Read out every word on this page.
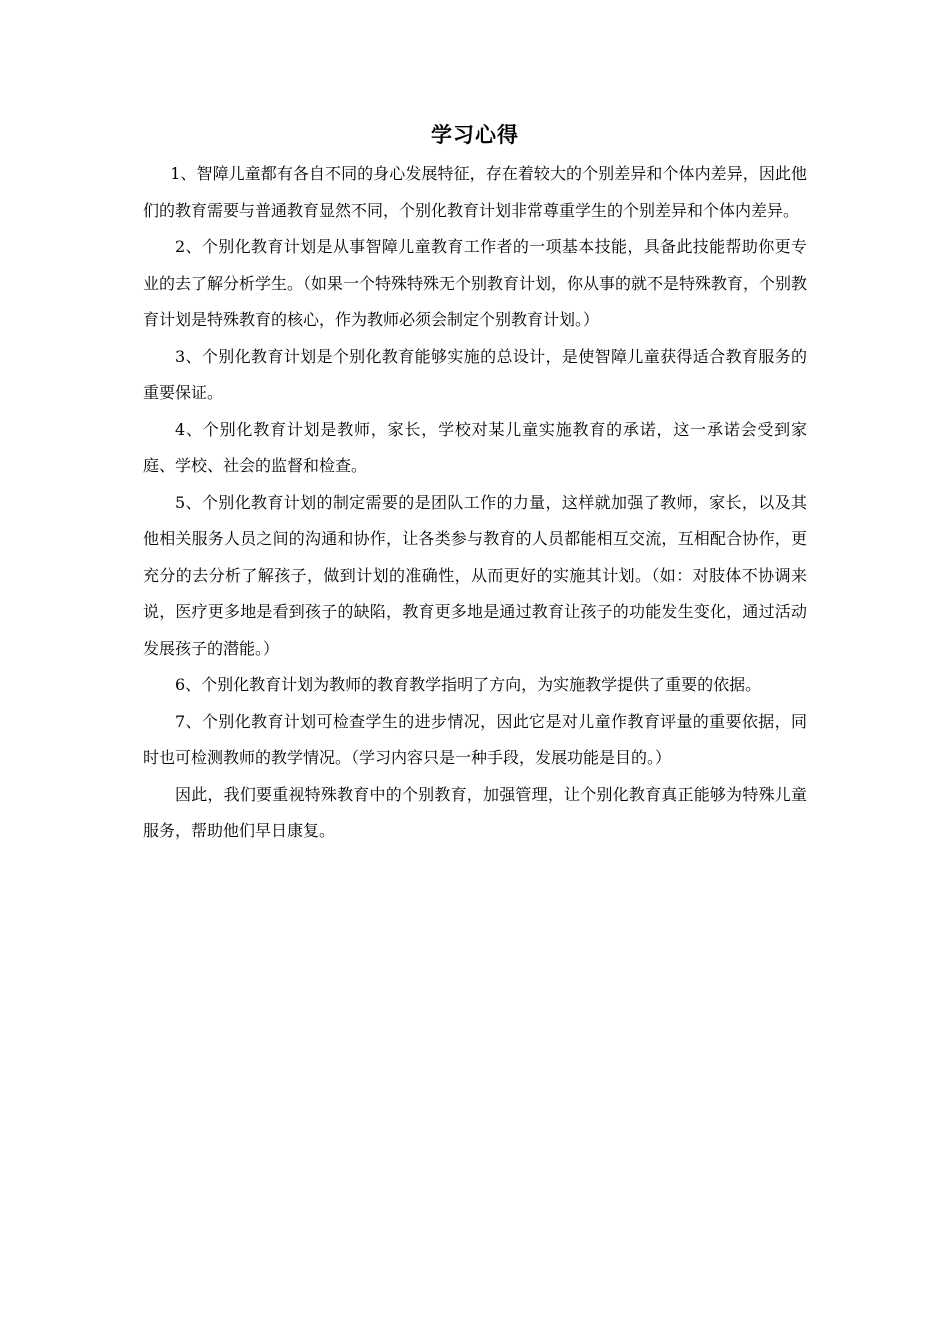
学习心得

1、智障儿童都有各自不同的身心发展特征，存在着较大的个别差异和个体内差异，因此他们的教育需要与普通教育显然不同，个别化教育计划非常尊重学生的个别差异和个体内差异。

2、个别化教育计划是从事智障儿童教育工作者的一项基本技能，具备此技能帮助你更专业的去了解分析学生。（如果一个特殊特殊无个别教育计划，你从事的就不是特殊教育，个别教育计划是特殊教育的核心，作为教师必须会制定个别教育计划。）

3、个别化教育计划是个别化教育能够实施的总设计，是使智障儿童获得适合教育服务的重要保证。

4、个别化教育计划是教师，家长，学校对某儿童实施教育的承诺，这一承诺会受到家庭、学校、社会的监督和检查。

5、个别化教育计划的制定需要的是团队工作的力量，这样就加强了教师，家长，以及其他相关服务人员之间的沟通和协作，让各类参与教育的人员都能相互交流，互相配合协作，更充分的去分析了解孩子，做到计划的准确性，从而更好的实施其计划。（如：对肢体不协调来说，医疗更多地是看到孩子的缺陷，教育更多地是通过教育让孩子的功能发生变化，通过活动发展孩子的潜能。）

6、个别化教育计划为教师的教育教学指明了方向，为实施教学提供了重要的依据。

7、个别化教育计划可检查学生的进步情况，因此它是对儿童作教育评量的重要依据，同时也可检测教师的教学情况。（学习内容只是一种手段，发展功能是目的。）

因此，我们要重视特殊教育中的个别教育，加强管理，让个别化教育真正能够为特殊儿童服务，帮助他们早日康复。
